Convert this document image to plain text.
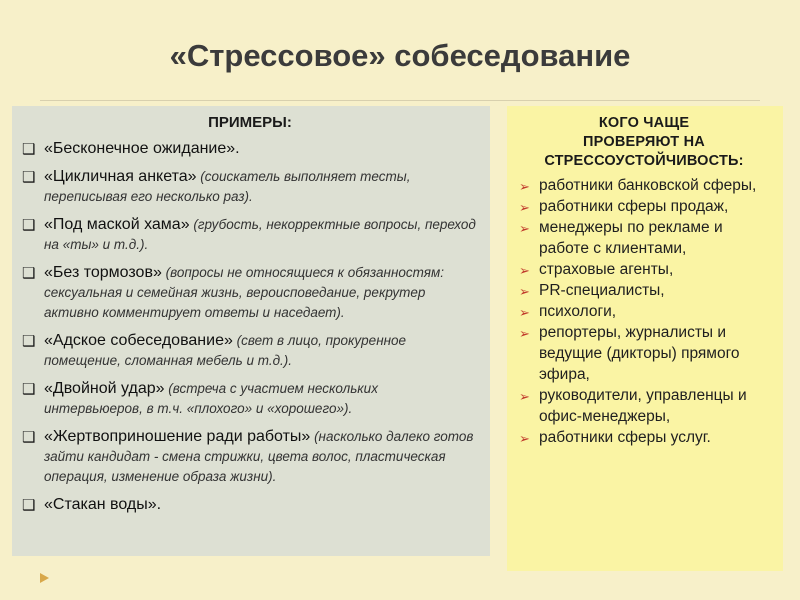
«Стрессовое» собеседование
ПРИМЕРЫ:
❑ «Бесконечное ожидание».
❑ «Цикличная анкета» (соискатель выполняет тесты, переписывая его несколько раз).
❑ «Под маской хама» (грубость, некорректные вопросы, переход на «ты» и т.д.).
❑ «Без тормозов» (вопросы не относящиеся к обязанностям: сексуальная и семейная жизнь, вероисповедание, рекрутер активно комментирует ответы и наседает).
❑ «Адское собеседование» (свет в лицо, прокуренное помещение, сломанная мебель и т.д.).
❑ «Двойной удар» (встреча с участием нескольких интервьюеров, в т.ч. «плохого» и «хорошего»).
❑ «Жертвоприношение ради работы» (насколько далеко готов зайти кандидат - смена стрижки, цвета волос, пластическая операция, изменение образа жизни).
❑ «Стакан воды».
КОГО ЧАЩЕ
ПРОВЕРЯЮТ НА
СТРЕССОУСТОЙЧИВОСТЬ:
➢ работники банковской сферы,
➢ работники сферы продаж,
➢ менеджеры по рекламе и работе с клиентами,
➢ страховые агенты,
➢ PR-специалисты,
➢ психологи,
➢ репортеры, журналисты и ведущие (дикторы) прямого эфира,
➢ руководители, управленцы и офис-менеджеры,
➢ работники сферы услуг.
